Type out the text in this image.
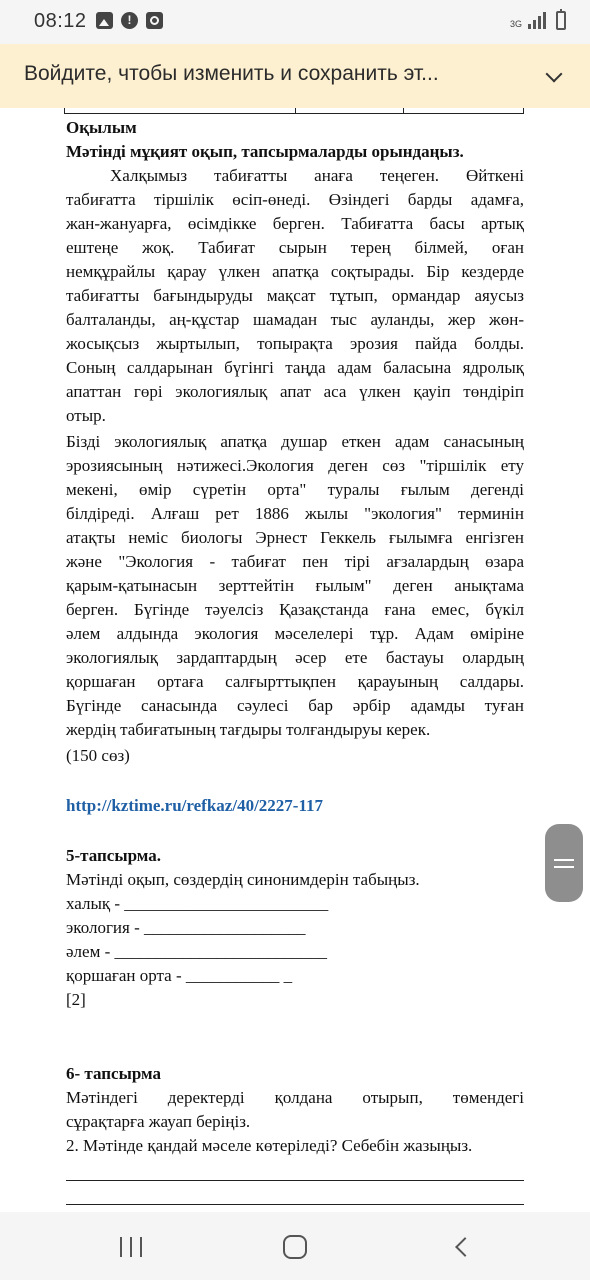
08:12	!	3G
Войдите, чтобы изменить и сохранить эт...
Оқылым
Мәтінді мұқият оқып, тапсырмаларды орындаңыз.
Халқымыз табиғатты анаға теңеген. Өйткені
табиғатта тіршілік өсіп-өнеді. Өзіндегі барды адамға,
жан-жануарға, өсімдікке берген. Табиғатта басы артық
ештеңе жоқ. Табиғат сырын терең білмей, оған
немқұрайлы қарау үлкен апатқа соқтырады. Бір кездерде
табиғатты бағындыруды мақсат тұтып, ормандар аяусыз
балталанды, аң-құстар шамадан тыс ауланды, жер жөн-
жосықсыз жыртылып, топырақта эрозия пайда болды.
Соның салдарынан бүгінгі таңда адам баласына ядролық
апаттан гөрі экологиялық апат аса үлкен қауіп төндіріп
отыр.
Бізді экологиялық апатқа душар еткен адам санасының
эрозиясының нәтижесі.Экология деген сөз "тіршілік ету
мекені, өмір сүретін орта" туралы ғылым дегенді
білдіреді. Алғаш рет 1886 жылы "экология" терминін
атақты неміс биологы Эрнест Геккель ғылымға енгізген
және "Экология - табиғат пен тірі ағзалардың өзара
қарым-қатынасын зерттейтін ғылым" деген анықтама
берген. Бүгінде тәуелсіз Қазақстанда ғана емес, бүкіл
әлем алдында экология мәселелері тұр. Адам өміріне
экологиялық зардаптардың әсер ете бастауы олардың
қоршаған ортаға салғырттықпен қарауының салдары.
Бүгінде санасында сәулесі бар әрбір адамды туған
жердің табиғатының тағдыры толғандыруы керек.
(150 сөз)
http://kztime.ru/refkaz/40/2227-117
5-тапсырма.
Мәтінді оқып, сөздердің синонимдерін табыңыз.
халық - ________________________
экология - ___________________
әлем - _________________________
қоршаған орта - ___________ _
[2]
6- тапсырма
Мәтіндегі деректерді қолдана отырып, төмендегі
сұрақтарға жауап беріңіз.
2. Мәтінде қандай мәселе көтеріледі? Себебін жазыңыз.
